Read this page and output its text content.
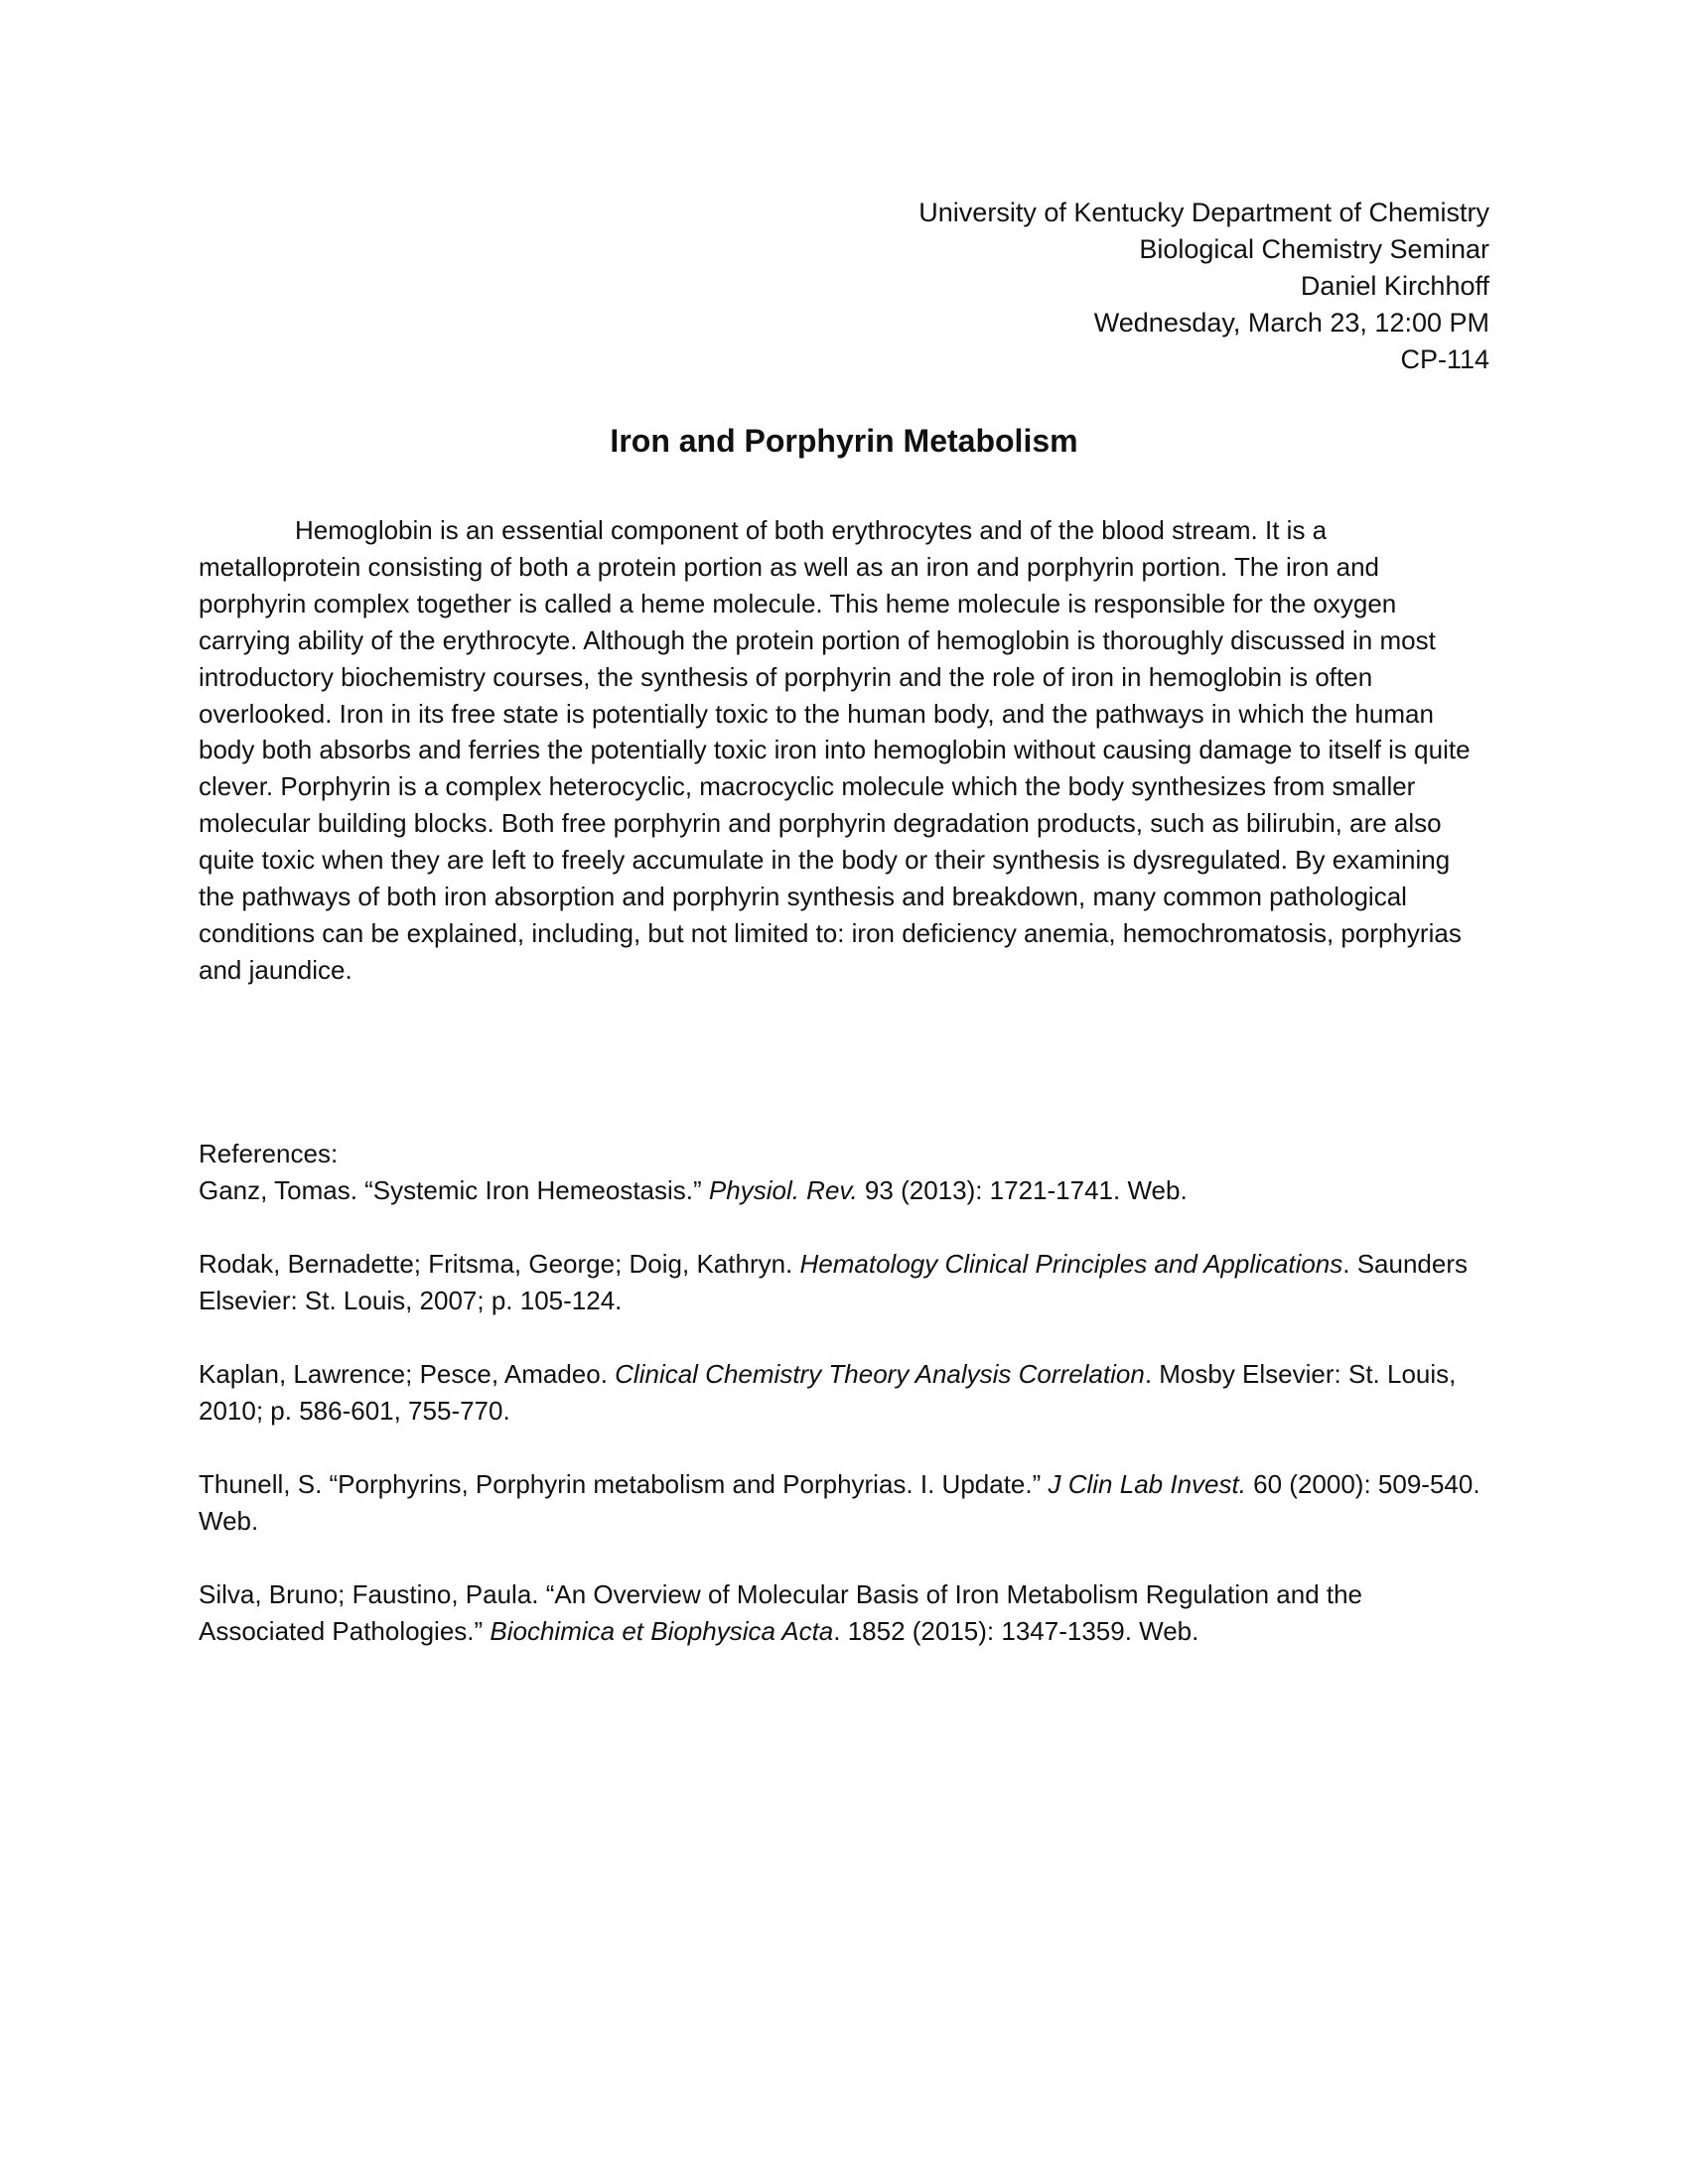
University of Kentucky Department of Chemistry
Biological Chemistry Seminar
Daniel Kirchhoff
Wednesday, March 23, 12:00 PM
CP-114
Iron and Porphyrin Metabolism

Hemoglobin is an essential component of both erythrocytes and of the blood stream. It is a metalloprotein consisting of both a protein portion as well as an iron and porphyrin portion. The iron and porphyrin complex together is called a heme molecule. This heme molecule is responsible for the oxygen carrying ability of the erythrocyte. Although the protein portion of hemoglobin is thoroughly discussed in most introductory biochemistry courses, the synthesis of porphyrin and the role of iron in hemoglobin is often overlooked. Iron in its free state is potentially toxic to the human body, and the pathways in which the human body both absorbs and ferries the potentially toxic iron into hemoglobin without causing damage to itself is quite clever. Porphyrin is a complex heterocyclic, macrocyclic molecule which the body synthesizes from smaller molecular building blocks. Both free porphyrin and porphyrin degradation products, such as bilirubin, are also quite toxic when they are left to freely accumulate in the body or their synthesis is dysregulated. By examining the pathways of both iron absorption and porphyrin synthesis and breakdown, many common pathological conditions can be explained, including, but not limited to: iron deficiency anemia, hemochromatosis, porphyrias and jaundice.

References:

Ganz, Tomas. “Systemic Iron Hemeostasis.” Physiol. Rev. 93 (2013): 1721-1741. Web.

Rodak, Bernadette; Fritsma, George; Doig, Kathryn. Hematology Clinical Principles and Applications. Saunders Elsevier: St. Louis, 2007; p. 105-124.

Kaplan, Lawrence; Pesce, Amadeo. Clinical Chemistry Theory Analysis Correlation. Mosby Elsevier: St. Louis, 2010; p. 586-601, 755-770.

Thunell, S. “Porphyrins, Porphyrin metabolism and Porphyrias. I. Update.” J Clin Lab Invest. 60 (2000): 509-540. Web.

Silva, Bruno; Faustino, Paula. “An Overview of Molecular Basis of Iron Metabolism Regulation and the Associated Pathologies.” Biochimica et Biophysica Acta. 1852 (2015): 1347-1359. Web.
